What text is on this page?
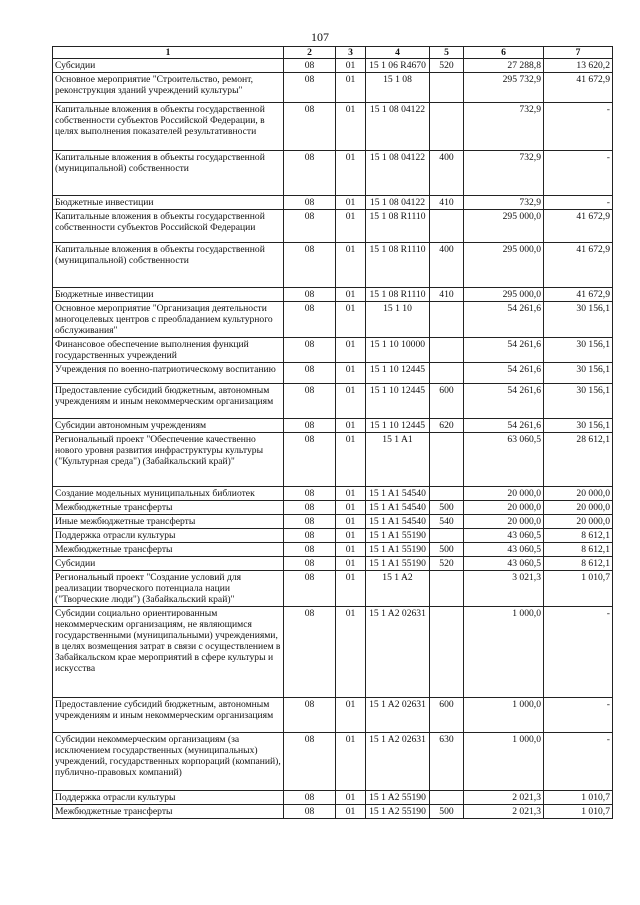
107
1	2	3	4	5	6	7
Субсидии	08	01	15 1 06 R4670	520	27 288,8	13 620,2
Основное мероприятие "Строительство, ремонт, реконструкция зданий учреждений культуры"	08	01	15 1 08		295 732,9	41 672,9
Капитальные вложения в объекты государственной собственности субъектов Российской Федерации, в целях выполнения показателей результативности	08	01	15 1 08 04122		732,9	-
Капитальные вложения в объекты государственной (муниципальной) собственности	08	01	15 1 08 04122	400	732,9	-
Бюджетные инвестиции	08	01	15 1 08 04122	410	732,9	-
Капитальные вложения в объекты государственной собственности субъектов Российской Федерации	08	01	15 1 08 R1110		295 000,0	41 672,9
Капитальные вложения в объекты государственной (муниципальной) собственности	08	01	15 1 08 R1110	400	295 000,0	41 672,9
Бюджетные инвестиции	08	01	15 1 08 R1110	410	295 000,0	41 672,9
Основное мероприятие "Организация деятельности многоцелевых центров с преобладанием культурного обслуживания"	08	01	15 1 10		54 261,6	30 156,1
Финансовое обеспечение выполнения функций государственных учреждений	08	01	15 1 10 10000		54 261,6	30 156,1
Учреждения по военно-патриотическому воспитанию	08	01	15 1 10 12445		54 261,6	30 156,1
Предоставление субсидий бюджетным, автономным учреждениям и иным некоммерческим организациям	08	01	15 1 10 12445	600	54 261,6	30 156,1
Субсидии автономным учреждениям	08	01	15 1 10 12445	620	54 261,6	30 156,1
Региональный проект "Обеспечение качественно нового уровня развития инфраструктуры культуры ("Культурная среда") (Забайкальский край)"	08	01	15 1 A1		63 060,5	28 612,1
Создание модельных муниципальных библиотек	08	01	15 1 A1 54540		20 000,0	20 000,0
Межбюджетные трансферты	08	01	15 1 A1 54540	500	20 000,0	20 000,0
Иные межбюджетные трансферты	08	01	15 1 A1 54540	540	20 000,0	20 000,0
Поддержка отрасли культуры	08	01	15 1 A1 55190		43 060,5	8 612,1
Межбюджетные трансферты	08	01	15 1 A1 55190	500	43 060,5	8 612,1
Субсидии	08	01	15 1 A1 55190	520	43 060,5	8 612,1
Региональный проект "Создание условий для реализации творческого потенциала нации ("Творческие люди") (Забайкальский край)"	08	01	15 1 A2		3 021,3	1 010,7
Субсидии социально ориентированным некоммерческим организациям, не являющимся государственными (муниципальными) учреждениями, в целях возмещения затрат в связи с осуществлением в Забайкальском крае мероприятий в сфере культуры и искусства	08	01	15 1 A2 02631		1 000,0	-
Предоставление субсидий бюджетным, автономным учреждениям и иным некоммерческим организациям	08	01	15 1 A2 02631	600	1 000,0	-
Субсидии некоммерческим организациям (за исключением государственных (муниципальных) учреждений, государственных корпораций (компаний), публично-правовых компаний)	08	01	15 1 A2 02631	630	1 000,0	-
Поддержка отрасли культуры	08	01	15 1 A2 55190		2 021,3	1 010,7
Межбюджетные трансферты	08	01	15 1 A2 55190	500	2 021,3	1 010,7
